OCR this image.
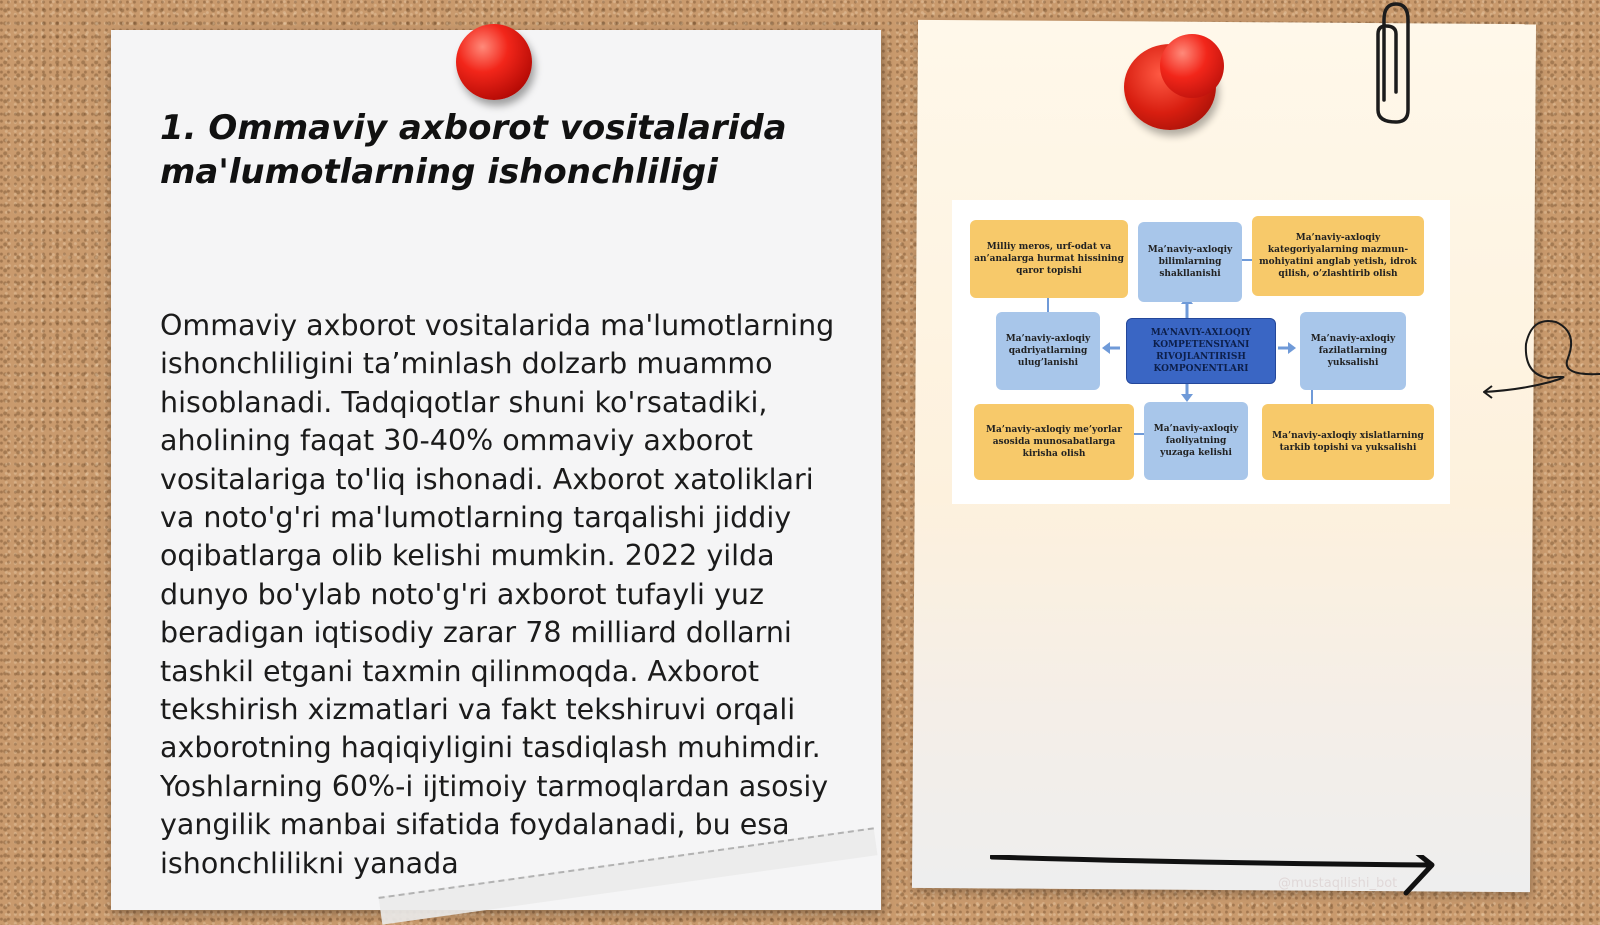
1. Ommaviy axborot vositalarida ma'lumotlarning ishonchliligi

Ommaviy axborot vositalarida ma'lumotlarning ishonchliligini ta’minlash dolzarb muammo hisoblanadi. Tadqiqotlar shuni ko'rsatadiki, aholining faqat 30-40% ommaviy axborot vositalariga to'liq ishonadi. Axborot xatoliklari va noto'g'ri ma'lumotlarning tarqalishi jiddiy oqibatlarga olib kelishi mumkin. 2022 yilda dunyo bo'ylab noto'g'ri axborot tufayli yuz beradigan iqtisodiy zarar 78 milliard dollarni tashkil etgani taxmin qilinmoqda. Axborot tekshirish xizmatlari va fakt tekshiruvi orqali axborotning haqiqiyligini tasdiqlash muhimdir. Yoshlarning 60%-i ijtimoiy tarmoqlardan asosiy yangilik manbai sifatida foydalanadi, bu esa ishonchlilikni yanada

Milliy meros, urf-odat va an’analarga hurmat hissining qaror topishi
Ma’naviy-axloqiy bilimlarning shakllanishi
Ma’naviy-axloqiy kategoriyalarning mazmun-mohiyatini anglab yetish, idrok qilish, o’zlashtirib olish
Ma’naviy-axloqiy qadriyatlarning ulug’lanishi
MA’NAVIY-AXLOQIY KOMPETENSIYANI RIVOJLANTIRISH KOMPONENTLARI
Ma’naviy-axloqiy fazilatlarning yuksalishi
Ma’naviy-axloqiy me’yorlar asosida munosabatlarga kirisha olish
Ma’naviy-axloqiy faoliyatning yuzaga kelishi
Ma’naviy-axloqiy xislatlarning tarkib topishi va yuksalishi
@mustaqilishi_bot
